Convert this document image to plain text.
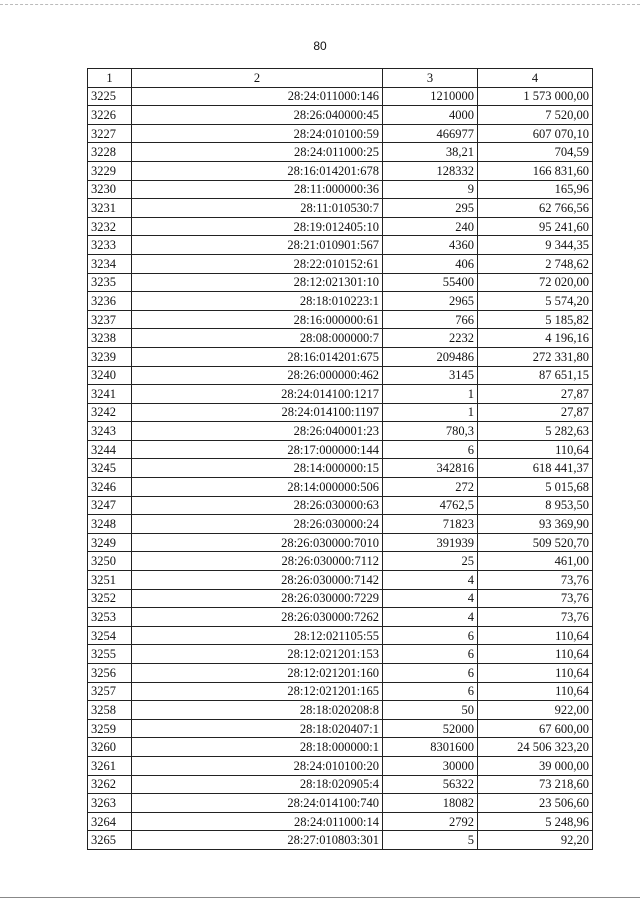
80
1	2	3	4
3225	28:24:011000:146	1210000	1 573 000,00
3226	28:26:040000:45	4000	7 520,00
3227	28:24:010100:59	466977	607 070,10
3228	28:24:011000:25	38,21	704,59
3229	28:16:014201:678	128332	166 831,60
3230	28:11:000000:36	9	165,96
3231	28:11:010530:7	295	62 766,56
3232	28:19:012405:10	240	95 241,60
3233	28:21:010901:567	4360	9 344,35
3234	28:22:010152:61	406	2 748,62
3235	28:12:021301:10	55400	72 020,00
3236	28:18:010223:1	2965	5 574,20
3237	28:16:000000:61	766	5 185,82
3238	28:08:000000:7	2232	4 196,16
3239	28:16:014201:675	209486	272 331,80
3240	28:26:000000:462	3145	87 651,15
3241	28:24:014100:1217	1	27,87
3242	28:24:014100:1197	1	27,87
3243	28:26:040001:23	780,3	5 282,63
3244	28:17:000000:144	6	110,64
3245	28:14:000000:15	342816	618 441,37
3246	28:14:000000:506	272	5 015,68
3247	28:26:030000:63	4762,5	8 953,50
3248	28:26:030000:24	71823	93 369,90
3249	28:26:030000:7010	391939	509 520,70
3250	28:26:030000:7112	25	461,00
3251	28:26:030000:7142	4	73,76
3252	28:26:030000:7229	4	73,76
3253	28:26:030000:7262	4	73,76
3254	28:12:021105:55	6	110,64
3255	28:12:021201:153	6	110,64
3256	28:12:021201:160	6	110,64
3257	28:12:021201:165	6	110,64
3258	28:18:020208:8	50	922,00
3259	28:18:020407:1	52000	67 600,00
3260	28:18:000000:1	8301600	24 506 323,20
3261	28:24:010100:20	30000	39 000,00
3262	28:18:020905:4	56322	73 218,60
3263	28:24:014100:740	18082	23 506,60
3264	28:24:011000:14	2792	5 248,96
3265	28:27:010803:301	5	92,20
